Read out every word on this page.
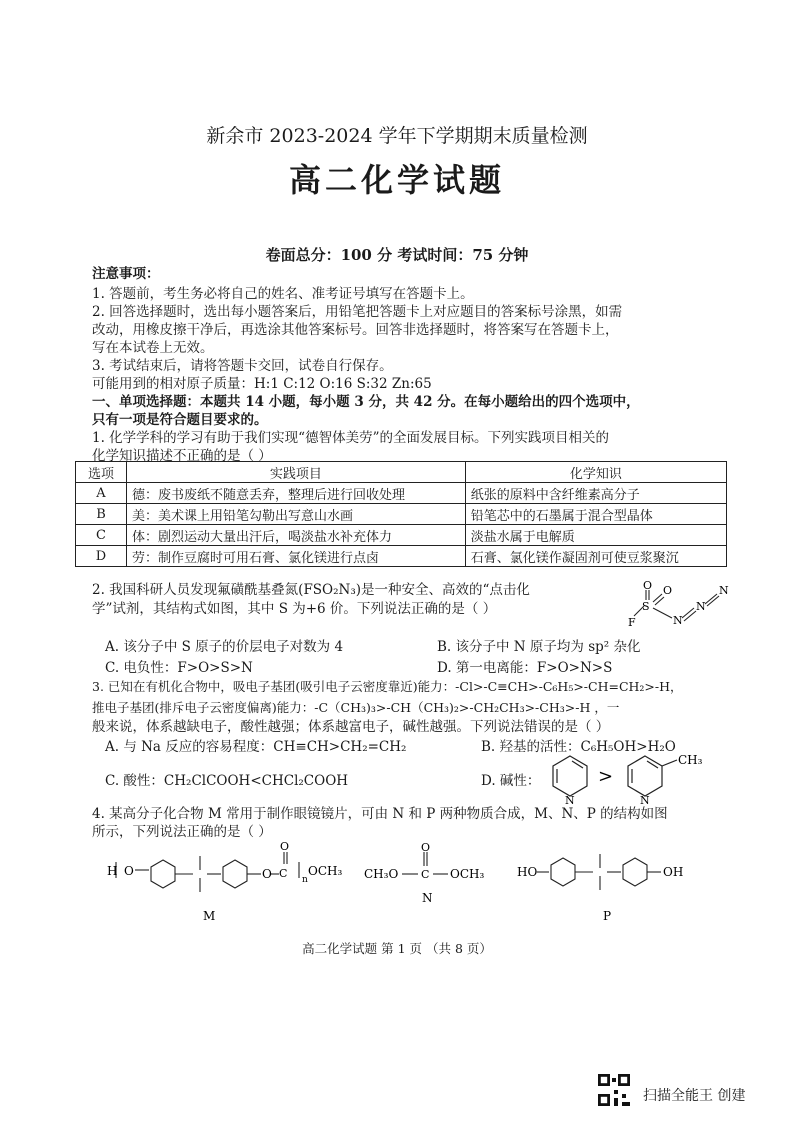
新余市 2023-2024 学年下学期期末质量检测
高二化学试题
卷面总分：100 分 考试时间：75 分钟
注意事项：
1. 答题前，考生务必将自己的姓名、准考证号填写在答题卡上。
2. 回答选择题时，选出每小题答案后，用铅笔把答题卡上对应题目的答案标号涂黑，如需
改动，用橡皮擦干净后，再选涂其他答案标号。回答非选择题时，将答案写在答题卡上，
写在本试卷上无效。
3. 考试结束后，请将答题卡交回，试卷自行保存。
可能用到的相对原子质量：H:1 C:12 O:16 S:32 Zn:65
一、单项选择题：本题共 14 小题，每小题 3 分，共 42 分。在每小题给出的四个选项中，
只有一项是符合题目要求的。
1. 化学学科的学习有助于我们实现“德智体美劳”的全面发展目标。下列实践项目相关的
化学知识描述不正确的是（ ）
选项	实践项目	化学知识
A	德：废书废纸不随意丢弃，整理后进行回收处理	纸张的原料中含纤维素高分子
B	美：美术课上用铅笔勾勒出写意山水画	铅笔芯中的石墨属于混合型晶体
C	体：剧烈运动大量出汗后，喝淡盐水补充体力	淡盐水属于电解质
D	劳：制作豆腐时可用石膏、氯化镁进行点卤	石膏、氯化镁作凝固剂可使豆浆聚沉
2. 我国科研人员发现氟磺酰基叠氮(FSO₂N₃)是一种安全、高效的“点击化
学”试剂，其结构式如图，其中 S 为+6 价。下列说法正确的是（ ）
F
S
O O
N
N
N
A. 该分子中 S 原子的价层电子对数为 4	B. 该分子中 N 原子均为 sp² 杂化
C. 电负性：F>O>S>N	D. 第一电离能：F>O>N>S
3. 已知在有机化合物中，吸电子基团(吸引电子云密度靠近)能力：-Cl>-C≡CH>-C₆H₅>-CH=CH₂>-H，
推电子基团(排斥电子云密度偏离)能力：-C（CH₃)₃>-CH（CH₃)₂>-CH₂CH₃>-CH₃>-H ，一
般来说，体系越缺电子，酸性越强；体系越富电子，碱性越强。下列说法错误的是（ ）
A. 与 Na 反应的容易程度：CH≡CH>CH₂=CH₂	B. 羟基的活性：C₆H₅OH>H₂O
C. 酸性：CH₂ClCOOH<CHCl₂COOH	D. 碱性：
N
>
N
CH₃
4. 某高分子化合物 M 常用于制作眼镜镜片，可由 N 和 P 两种物质合成，M、N、P 的结构如图
所示，下列说法正确的是（ ）
H O	O
O
C n
OCH₃
M
CH₃O
O
C OCH₃
N
HO	OH
P
高二化学试题 第 1 页 （共 8 页）
扫描全能王 创建
